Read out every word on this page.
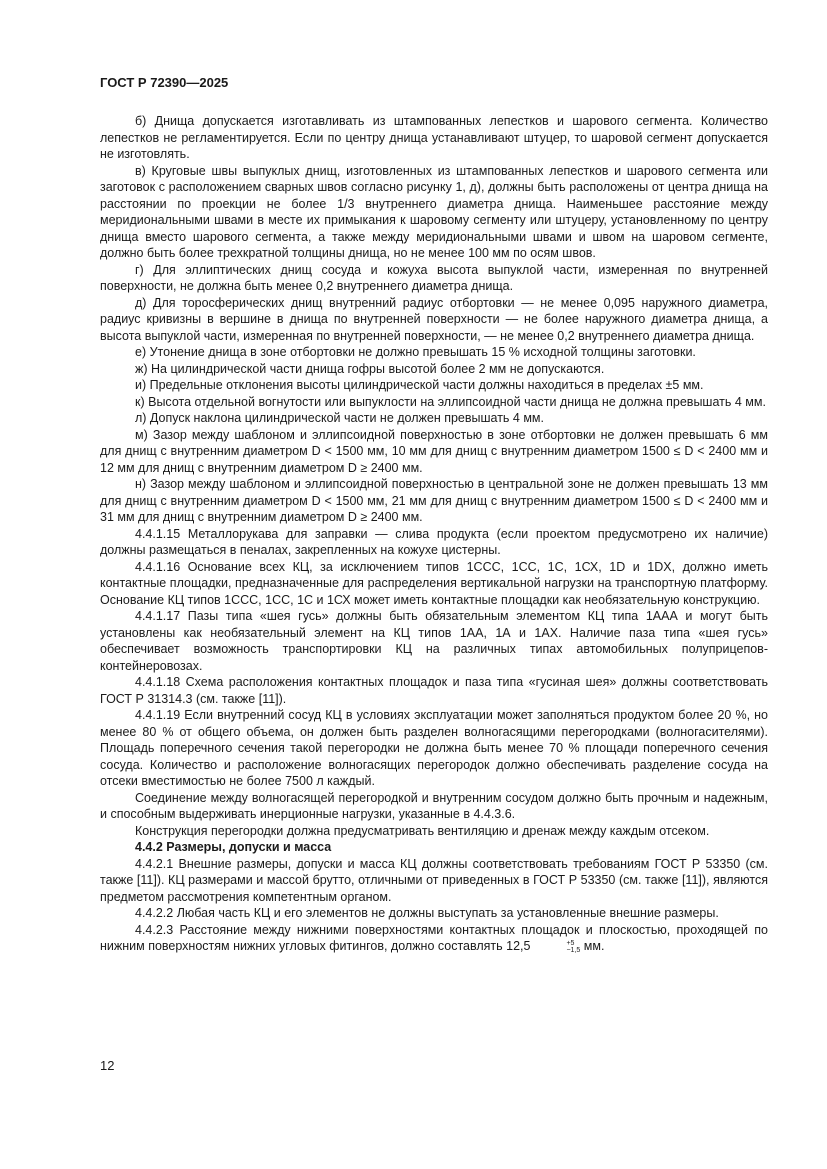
ГОСТ Р 72390—2025

б) Днища допускается изготавливать из штампованных лепестков и шарового сегмента. Количество лепестков не регламентируется. Если по центру днища устанавливают штуцер, то шаровой сегмент допускается не изготовлять.

в) Круговые швы выпуклых днищ, изготовленных из штампованных лепестков и шарового сегмента или заготовок с расположением сварных швов согласно рисунку 1, д), должны быть расположены от центра днища на расстоянии по проекции не более 1/3 внутреннего диаметра днища. Наименьшее расстояние между меридиональными швами в месте их примыкания к шаровому сегменту или штуцеру, установленному по центру днища вместо шарового сегмента, а также между меридиональными швами и швом на шаровом сегменте, должно быть более трехкратной толщины днища, но не менее 100 мм по осям швов.

г) Для эллиптических днищ сосуда и кожуха высота выпуклой части, измеренная по внутренней поверхности, не должна быть менее 0,2 внутреннего диаметра днища.

д) Для торосферических днищ внутренний радиус отбортовки — не менее 0,095 наружного диаметра, радиус кривизны в вершине в днища по внутренней поверхности — не более наружного диаметра днища, а высота выпуклой части, измеренная по внутренней поверхности, — не менее 0,2 внутреннего диаметра днища.

е) Утонение днища в зоне отбортовки не должно превышать 15 % исходной толщины заготовки.

ж) На цилиндрической части днища гофры высотой более 2 мм не допускаются.

и) Предельные отклонения высоты цилиндрической части должны находиться в пределах ±5 мм.

к) Высота отдельной вогнутости или выпуклости на эллипсоидной части днища не должна превышать 4 мм.

л) Допуск наклона цилиндрической части не должен превышать 4 мм.

м) Зазор между шаблоном и эллипсоидной поверхностью в зоне отбортовки не должен превышать 6 мм для днищ с внутренним диаметром D < 1500 мм, 10 мм для днищ с внутренним диаметром 1500 ≤ D < 2400 мм и 12 мм для днищ с внутренним диаметром D ≥ 2400 мм.

н) Зазор между шаблоном и эллипсоидной поверхностью в центральной зоне не должен превышать 13 мм для днищ с внутренним диаметром D < 1500 мм, 21 мм для днищ с внутренним диаметром 1500 ≤ D < 2400 мм и 31 мм для днищ с внутренним диаметром D ≥ 2400 мм.

4.4.1.15 Металлорукава для заправки — слива продукта (если проектом предусмотрено их наличие) должны размещаться в пеналах, закрепленных на кожухе цистерны.

4.4.1.16 Основание всех КЦ, за исключением типов 1ССС, 1СС, 1С, 1СХ, 1D и 1DX, должно иметь контактные площадки, предназначенные для распределения вертикальной нагрузки на транспортную платформу. Основание КЦ типов 1ССС, 1СС, 1С и 1СХ может иметь контактные площадки как необязательную конструкцию.

4.4.1.17 Пазы типа «шея гусь» должны быть обязательным элементом КЦ типа 1ААА и могут быть установлены как необязательный элемент на КЦ типов 1АА, 1А и 1АХ. Наличие паза типа «шея гусь» обеспечивает возможность транспортировки КЦ на различных типах автомобильных полуприцепов-контейнеровозах.

4.4.1.18 Схема расположения контактных площадок и паза типа «гусиная шея» должны соответствовать ГОСТ Р 31314.3 (см. также [11]).

4.4.1.19 Если внутренний сосуд КЦ в условиях эксплуатации может заполняться продуктом более 20 %, но менее 80 % от общего объема, он должен быть разделен волногасящими перегородками (волногасителями). Площадь поперечного сечения такой перегородки не должна быть менее 70 % площади поперечного сечения сосуда. Количество и расположение волногасящих перегородок должно обеспечивать разделение сосуда на отсеки вместимостью не более 7500 л каждый.

Соединение между волногасящей перегородкой и внутренним сосудом должно быть прочным и надежным, и способным выдерживать инерционные нагрузки, указанные в 4.4.3.6.

Конструкция перегородки должна предусматривать вентиляцию и дренаж между каждым отсеком.

4.4.2 Размеры, допуски и масса

4.4.2.1 Внешние размеры, допуски и масса КЦ должны соответствовать требованиям ГОСТ Р 53350 (см. также [11]). КЦ размерами и массой брутто, отличными от приведенных в ГОСТ Р 53350 (см. также [11]), являются предметом рассмотрения компетентным органом.

4.4.2.2 Любая часть КЦ и его элементов не должны выступать за установленные внешние размеры.

4.4.2.3 Расстояние между нижними поверхностями контактных площадок и плоскостью, проходящей по нижним поверхностям нижних угловых фитингов, должно составлять 12,5	+5
−1,5 мм.

12
